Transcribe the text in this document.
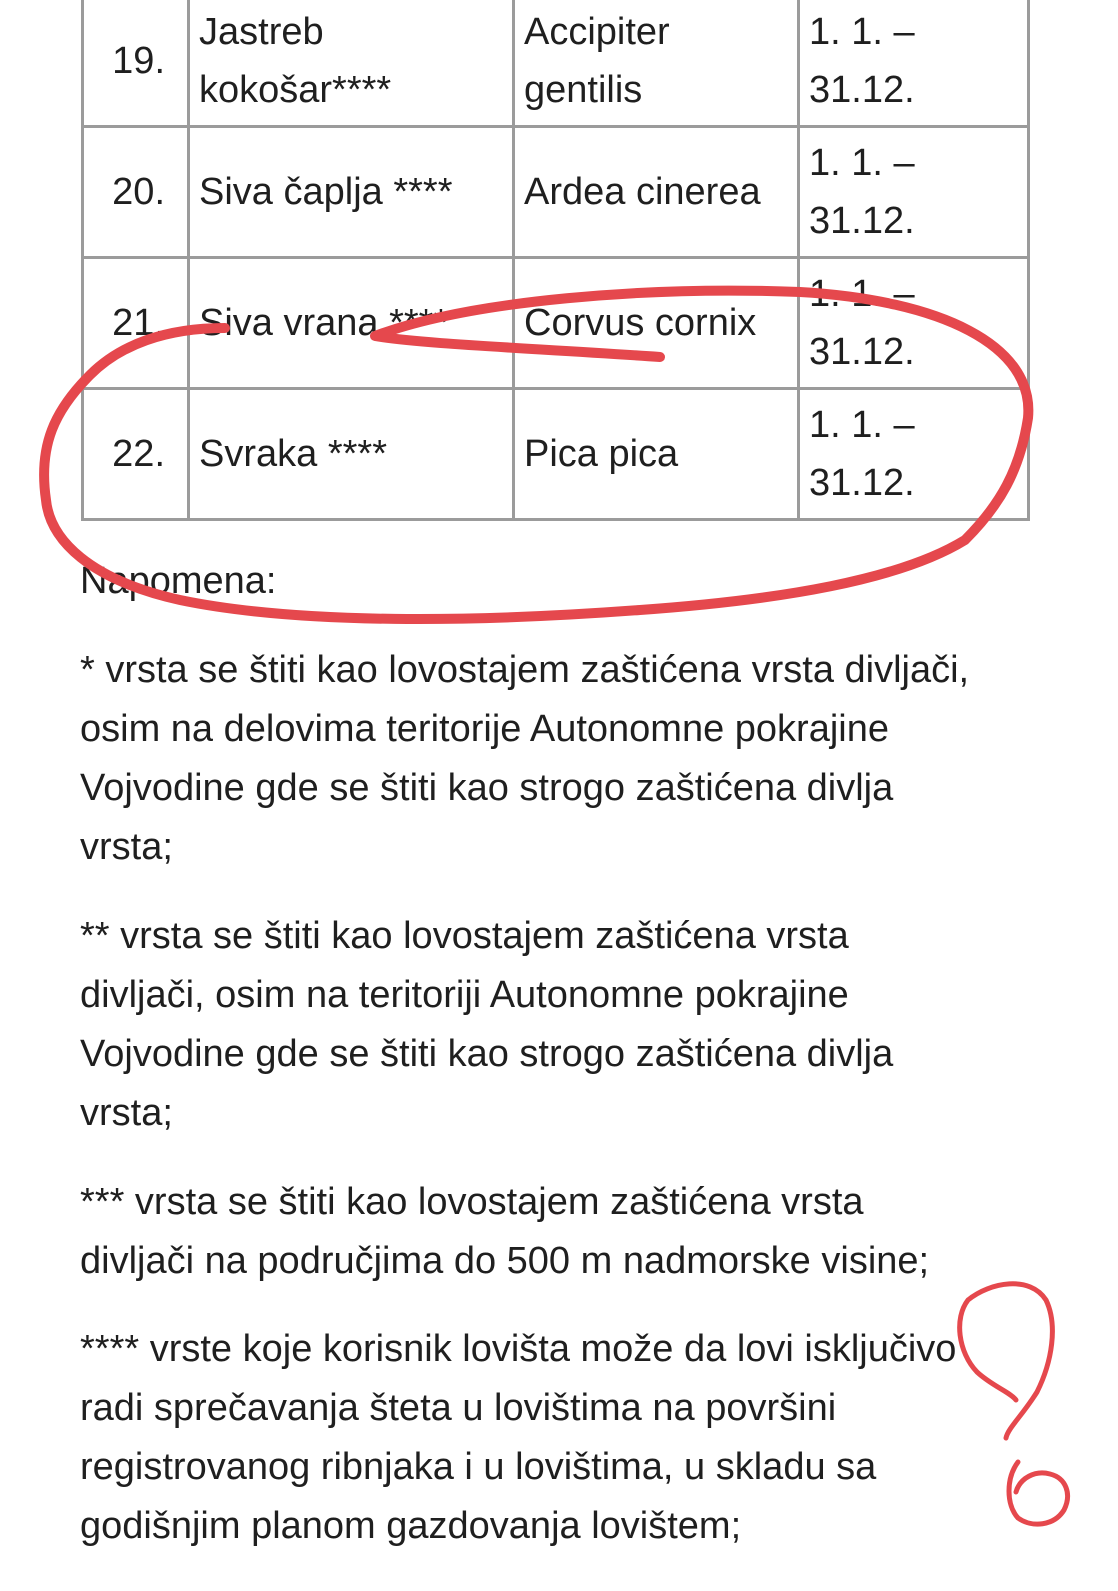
19.	Jastreb kokošar****	Accipiter gentilis	1. 1. – 31.12.
20.	Siva čaplja ****	Ardea cinerea	1. 1. – 31.12.
21.	Siva vrana ****	Corvus cornix	1. 1. – 31.12.
22.	Svraka ****	Pica pica	1. 1. – 31.12.
Napomena:

* vrsta se štiti kao lovostajem zaštićena vrsta divljači, osim na delovima teritorije Autonomne pokrajine Vojvodine gde se štiti kao strogo zaštićena divlja vrsta;

** vrsta se štiti kao lovostajem zaštićena vrsta divljači, osim na teritoriji Autonomne pokrajine Vojvodine gde se štiti kao strogo zaštićena divlja vrsta;

*** vrsta se štiti kao lovostajem zaštićena vrsta divljači na područjima do 500 m nadmorske visine;

**** vrste koje korisnik lovišta može da lovi isključivo radi sprečavanja šteta u lovištima na površini registrovanog ribnjaka i u lovištima, u skladu sa godišnjim planom gazdovanja lovištem;
